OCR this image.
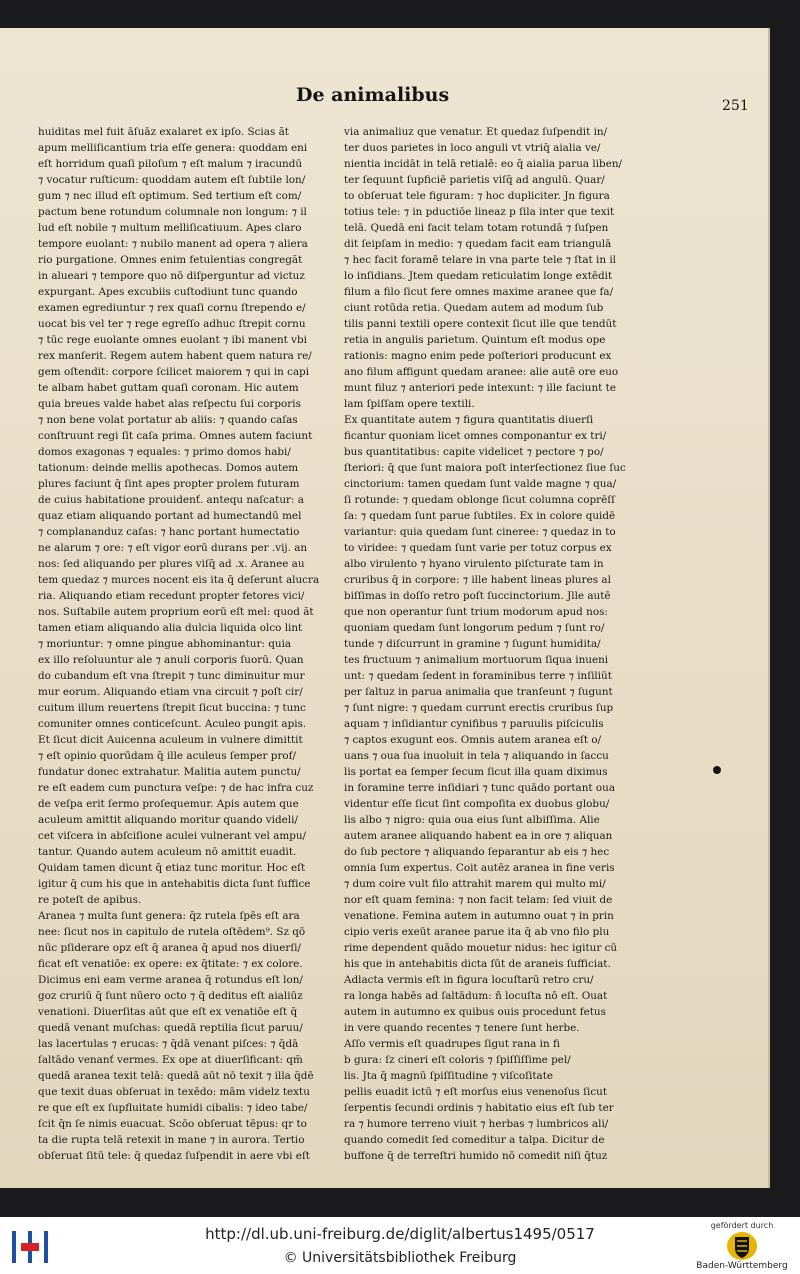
De animalibus	251
huiditas mel fuit āſuāz exalaret ex ipſo. Scias ăt
apum melliſicantium tria eſſe genera: quoddam eni
eſt horridum quaſi piloſum ⁊ eſt malum ⁊ iracundū
⁊ vocatur ruſticum: quoddam autem eſt ſubtile lon/
gum ⁊ nec illud eſt optimum. Sed tertium eſt com/
pactum bene rotundum columnale non longum: ⁊ il
lud eſt nobile ⁊ multum melliſicatiuum. Apes claro
tempore euolant: ⁊ nubilo manent ad opera ⁊ aliera
rio purgatione. Omnes enim fetulentias congregăt
in alueari ⁊ tempore quo nō diſperguntur ad victuz
expurgant. Apes excubiis cuſtodiunt tunc quando
examen egrediuntur ⁊ rex quaſi cornu ſtrependo e/
uocat bis vel ter ⁊ rege egreſſo adhuc ſtrepit cornu
⁊ tūc rege euolante omnes euolant ⁊ ibi manent vbi
rex manſerit. Regem autem habent quem natura re/
gem oſtendit: corpore ſcilicet maiorem ⁊ qui in capi
te albam habet guttam quaſi coronam. Hic autem
quia breues valde habet alas reſpectu ſui corporis
⁊ non bene volat portatur ab aliis: ⁊ quando caſas
conſtruunt regi ſit caſa prima. Omnes autem faciunt
domos exagonas ⁊ equales: ⁊ primo domos habi/
tationum: deinde mellis apothecas. Domos autem
plures faciunt q̄ ſint apes propter prolem futuram
de cuius habitatione prouidenť. antequ naſcatur: a
quaz etiam aliquando portant ad humectandū mel
⁊ complananduz caſas: ⁊ hanc portant humectatio
ne alarum ⁊ ore: ⁊ eſt vigor eorū durans per .vij. an
nos: ſed aliquando per plures viſq̄ ad .x. Aranee au
tem quedaz ⁊ murces nocent eis ita q̄ deſerunt alucra
ria. Aliquando etiam recedunt propter fetores vici/
nos. Suſtabile autem proprium eorū eſt mel: quod ăt
tamen etiam aliquando alia dulcia liquida olco lint
⁊ moriuntur: ⁊ omne pingue abhominantur: quia
ex illo reſoluuntur ale ⁊ anuli corporis ſuorū. Quan
do cubandum eſt vna ſtrepit ⁊ tunc diminuitur mur
mur eorum. Aliquando etiam vna circuit ⁊ poſt cir/
cuitum illum reuertens ſtrepit ſicut buccina: ⁊ tunc
comuniter omnes conticeſcunt. Aculeo pungit apis.
Et ſicut dicit Auicenna aculeum in vulnere dimittit
⁊ eſt opinio quorūdam q̄ ille aculeus ſemper prof/
fundatur donec extrahatur. Malitia autem punctu/
re eſt eadem cum punctura veſpe: ⁊ de hac infra cuz
de veſpa erit ſermo proſequemur. Apis autem que
aculeum amittit aliquando moritur quando videli/
cet viſcera in abſciſione aculei vulnerant vel ampu/
tantur. Quando autem aculeum nō amittit euadit.
Quidam tamen dicunt q̄ etiaz tunc moritur. Hoc eſt
igitur q̄ cum his que in antehabitis dicta ſunt ſuffice
re poteſt de apibus.
Aranea ⁊ multa ſunt genera: q̄z rutela ſpēs eſt ara
nee: ſicut nos in capitulo de rutela oſtēdem⁹. Sz qō
nūc pſiderare opz eſt q̄ aranea q̄ apud nos diuerſi/
ficat eſt venatiōe: ex opere: ex q̄titate: ⁊ ex colore.
Dicimus eni eam verme aranea q̄ rotundus eſt lon/
goz cruriū q̄ ſunt nūero octo ⁊ q̄ deditus eſt aialiūz
venationi. Diuerſitas aūt que eſt ex venatiōe eſt q̄
quedā venant muſchas: quedā reptilia ſicut paruu/
las lacertulas ⁊ erucas: ⁊ q̄dā venant piſces: ⁊ q̄dā
ſaltādo venanť vermes. Ex ope at diuerſificant: qm̄
quedā aranea texit telā: quedā aūt nō texit ⁊ illa q̄dē
que texit duas obſeruat in texēdo: mām videlz textu
re que eſt ex ſupfluitate humidi cibalis: ⁊ ideo tabe/
ſcit q̄n ſe nimis euacuat. Scōo obſeruat tēpus: qr to
ta die rupta telā retexit in mane ⁊ in aurora. Tertio
obſeruat ſitū tele: q̄ quedaz ſuſpendit in aere vbi eſt
via animaliuz que venatur. Et quedaz ſuſpendit in/
ter duos parietes in loco anguli vt vtriq̄ aialia ve/
nientia incidāt in telā retialē: eo q̄ aialia parua liben/
ter ſequunt ſupficiē parietis viſq̄ ad angulū. Quar/
to obſeruat tele figuram: ⁊ hoc dupliciter. Jn figura
totius tele: ⁊ in pductiōe lineaz p ſila inter que texit
telā. Quedā eni facit telam totam rotundā ⁊ ſuſpen
dit ſeipſam in medio: ⁊ quedam facit eam triangulā
⁊ hec facit foramē telare in vna parte tele ⁊ ſtat in il
lo inſidians. Jtem quedam reticulatim longe extēdit
filum a filo ſicut fere omnes maxime aranee que fa/
ciunt rotūda retia. Quedam autem ad modum ſub
tilis panni textili opere contexit ſicut ille que tendūt
retia in angulis parietum. Quintum eſt modus ope
rationis: magno enim pede poſteriori producunt ex
ano filum affigunt quedam aranee: alie autē ore euo
munt filuz ⁊ anteriori pede intexunt: ⁊ ille faciunt te
lam ſpiſſam opere textili.
Ex quantitate autem ⁊ figura quantitatis diuerſi
ficantur quoniam licet omnes componantur ex tri/
bus quantitatibus: capite videlicet ⁊ pectore ⁊ po/
ſteriori: q̄ que ſunt maiora poſt interſectionez ſiue ſuc
cinctorium: tamen quedam ſunt valde magne ⁊ qua/
ſi rotunde: ⁊ quedam oblonge ſicut columna coprēſſ
ſa: ⁊ quedam ſunt parue ſubtiles. Ex in colore quidē
variantur: quia quedam ſunt cineree: ⁊ quedaz in to
to viridee: ⁊ quedam ſunt varie per totuz corpus ex
albo virulento ⁊ hyano virulento piſcturate tam in
cruribus q̄ in corpore: ⁊ ille habent lineas plures al
biſſimas in doſſo retro poſt ſuccinctorium. Jlle autē
que non operantur ſunt trium modorum apud nos:
quoniam quedam ſunt longorum pedum ⁊ ſunt ro/
tunde ⁊ diſcurrunt in gramine ⁊ ſugunt humidita/
tes fructuum ⁊ animalium mortuorum ſiqua inueni
unt: ⁊ quedam ſedent in foraminibus terre ⁊ inſiliūt
per ſaltuz in parua animalia que tranſeunt ⁊ ſugunt
⁊ ſunt nigre: ⁊ quedam currunt erectis cruribus ſup
aquam ⁊ inſidiantur cynifibus ⁊ paruulis piſciculis
⁊ captos exugunt eos. Omnis autem aranea eſt o/
uans ⁊ oua ſua inuoluit in tela ⁊ aliquando in ſaccu
lis portat ea ſemper ſecum ſicut illa quam diximus
in foramine terre inſidiari ⁊ tunc quādo portant oua
videntur eſſe ſicut ſint compoſita ex duobus globu/
lis albo ⁊ nigro: quia oua eius ſunt albiſſima. Alie
autem aranee aliquando habent ea in ore ⁊ aliquan
do ſub pectore ⁊ aliquando ſeparantur ab eis ⁊ hec
omnia ſum expertus. Coit autēz aranea in fine veris
⁊ dum coire vult filo attrahit marem qui multo mi/
nor eſt quam femina: ⁊ non facit telam: ſed viuit de
venatione. Femina autem in autumno ouat ⁊ in prin
cipio veris exeūt aranee parue ita q̄ ab vno filo plu
rime dependent quādo mouetur nidus: hec igitur cū
his que in antehabitis dicta ſūt de araneis ſufficiat.
Adlacta vermis eſt in figura locuſtarū retro cru/
ra longa habēs ad ſaltādum: ñ locuſta nō eſt. Ouat
autem in autumno ex quibus ouis procedunt fetus
in vere quando recentes ⁊ tenere ſunt herbe.
Aſſo vermis eſt quadrupes ſigut rana in fi
b gura: ſz cineri eſt coloris ⁊ ſpiſſiſſime pel/
lis. Jta q̄ magnū ſpiſſitudine ⁊ viſcoſitate
pellis euadit ictū ⁊ eſt morſus eius venenoſus ſicut
ſerpentis ſecundi ordinis ⁊ habitatio eius eſt ſub ter
ra ⁊ humore terreno viuit ⁊ herbas ⁊ lumbricos ali/
quando comedit ſed comeditur a talpa. Dicitur de
buffone q̄ de terreſtri humido nō comedit niſi q̄tuz
http://dl.ub.uni-freiburg.de/diglit/albertus1495/0517
© Universitätsbibliothek Freiburg
gefördert durch
Baden-Württemberg
